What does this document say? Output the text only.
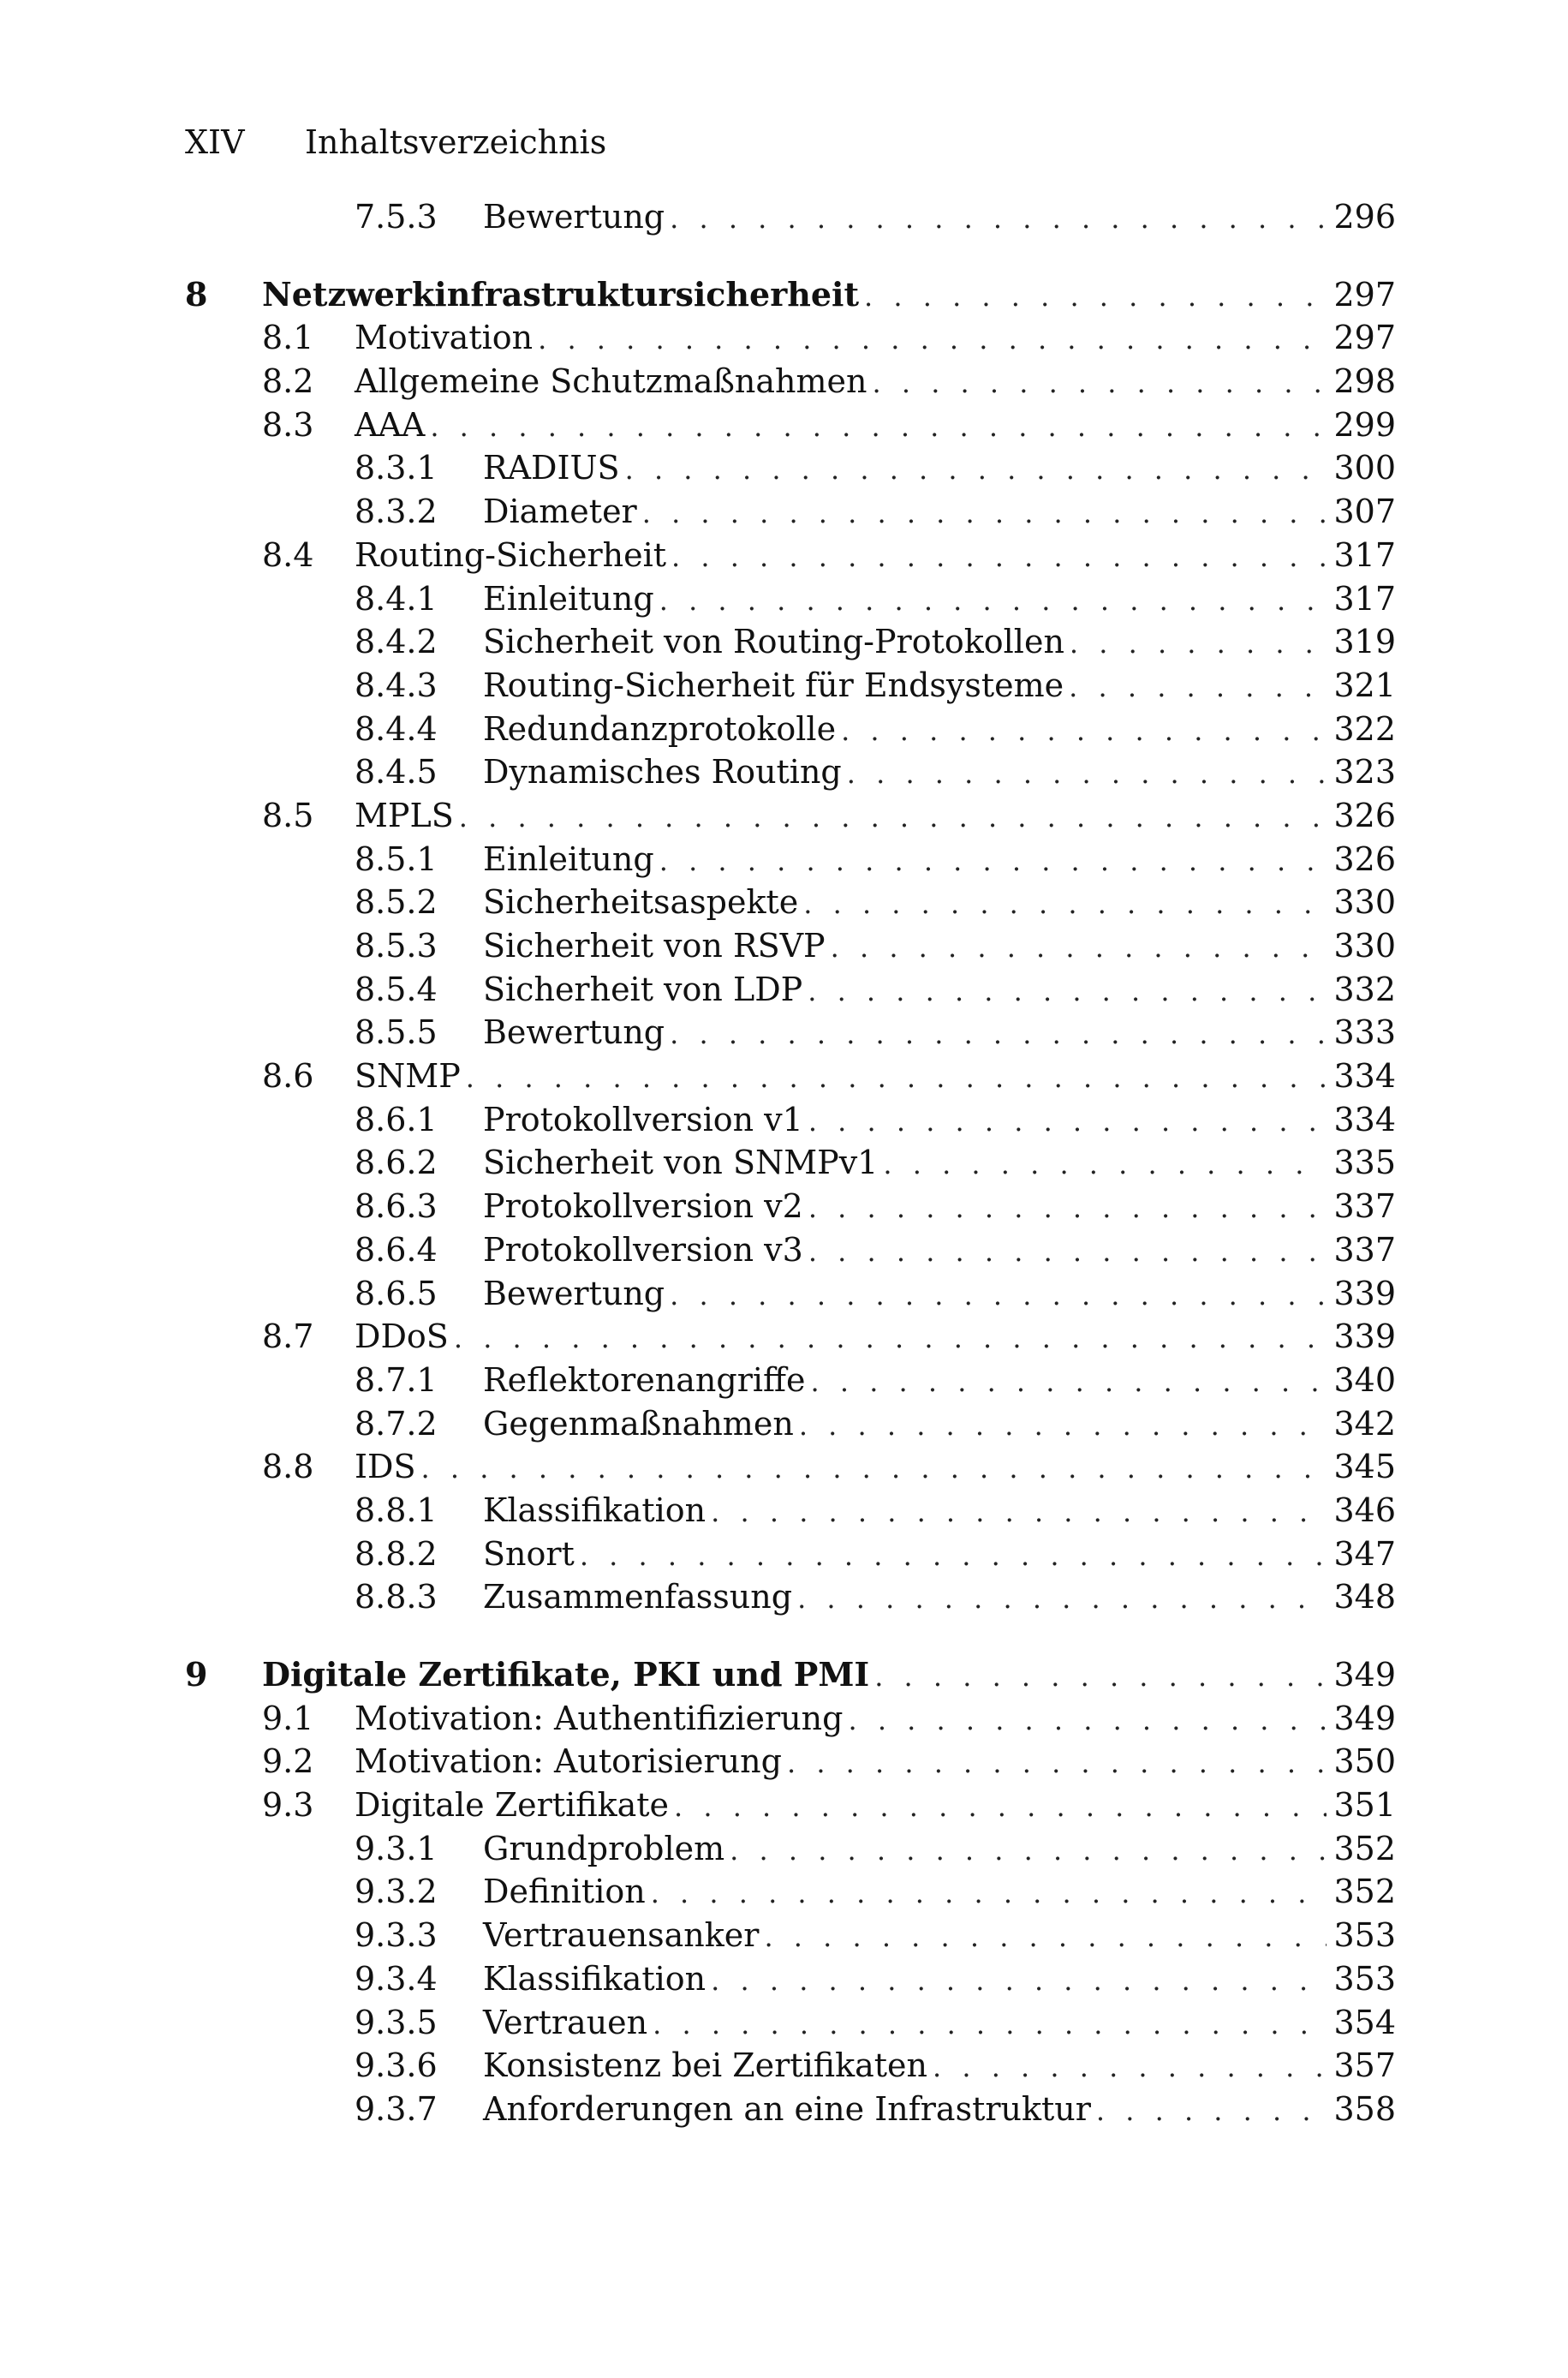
XIV Inhaltsverzeichnis
7.5.3 Bewertung . . .	296
8 Netzwerkinfrastruktursicherheit . . .	297
8.1 Motivation . . .	297
8.2 Allgemeine Schutzmaßnahmen . . .	298
8.3 AAA . . .	299
8.3.1 RADIUS . . .	300
8.3.2 Diameter . . .	307
8.4 Routing-Sicherheit . . .	317
8.4.1 Einleitung . . .	317
8.4.2 Sicherheit von Routing-Protokollen . . .	319
8.4.3 Routing-Sicherheit für Endsysteme . . .	321
8.4.4 Redundanzprotokolle . . .	322
8.4.5 Dynamisches Routing . . .	323
8.5 MPLS . . .	326
8.5.1 Einleitung . . .	326
8.5.2 Sicherheitsaspekte . . .	330
8.5.3 Sicherheit von RSVP . . .	330
8.5.4 Sicherheit von LDP . . .	332
8.5.5 Bewertung . . .	333
8.6 SNMP . . .	334
8.6.1 Protokollversion v1 . . .	334
8.6.2 Sicherheit von SNMPv1 . . .	335
8.6.3 Protokollversion v2 . . .	337
8.6.4 Protokollversion v3 . . .	337
8.6.5 Bewertung . . .	339
8.7 DDoS . . .	339
8.7.1 Reflektorenangriffe . . .	340
8.7.2 Gegenmaßnahmen . . .	342
8.8 IDS . . .	345
8.8.1 Klassifikation . . .	346
8.8.2 Snort . . .	347
8.8.3 Zusammenfassung . . .	348
9 Digitale Zertifikate, PKI und PMI . . .	349
9.1 Motivation: Authentifizierung . . .	349
9.2 Motivation: Autorisierung . . .	350
9.3 Digitale Zertifikate . . .	351
9.3.1 Grundproblem . . .	352
9.3.2 Definition . . .	352
9.3.3 Vertrauensanker . . .	353
9.3.4 Klassifikation . . .	353
9.3.5 Vertrauen . . .	354
9.3.6 Konsistenz bei Zertifikaten . . .	357
9.3.7 Anforderungen an eine Infrastruktur . . .	358
